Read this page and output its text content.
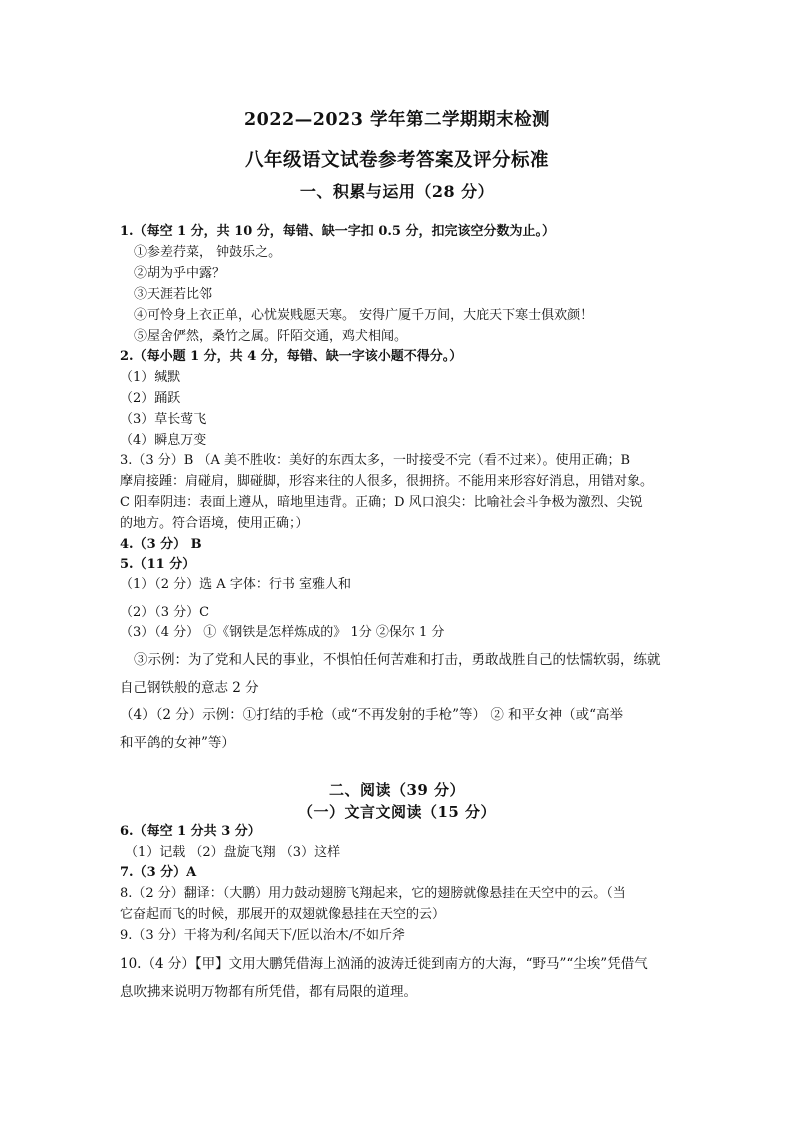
2022—2023 学年第二学期期末检测
八年级语文试卷参考答案及评分标准
一、积累与运用（28 分）
1.（每空 1 分，共 10 分，每错、缺一字扣 0.5 分，扣完该空分数为止。）
①参差荇菜， 钟鼓乐之。
②胡为乎中露？
③天涯若比邻
④可怜身上衣正单，心忧炭贱愿天寒。 安得广厦千万间，大庇天下寒士俱欢颜！
⑤屋舍俨然，桑竹之属。阡陌交通，鸡犬相闻。
2.（每小题 1 分，共 4 分，每错、缺一字该小题不得分。）
（1）缄默
（2）踊跃
（3）草长莺飞
（4）瞬息万变
3.（3 分）B （A 美不胜收：美好的东西太多，一时接受不完（看不过来）。使用正确；B
摩肩接踵：肩碰肩，脚碰脚，形容来往的人很多，很拥挤。不能用来形容好消息，用错对象。
C 阳奉阴违：表面上遵从，暗地里违背。正确；D 风口浪尖：比喻社会斗争极为激烈、尖锐
的地方。符合语境，使用正确；）
4.（3 分） B
5.（11 分）
（1）（2 分）选 A 字体：行书 室雅人和
（2）（3 分）C
（3）（4 分） ①《钢铁是怎样炼成的》 1分 ②保尔 1 分
③示例：为了党和人民的事业，不惧怕任何苦难和打击，勇敢战胜自己的怯懦软弱，练就
自己钢铁般的意志 2 分
（4）（2 分）示例：①打结的手枪（或“不再发射的手枪”等） ② 和平女神（或“高举
和平鸽的女神”等）
二、阅读（39 分）
（一）文言文阅读（15 分）
6.（每空 1 分共 3 分）
（1）记载 （2）盘旋飞翔 （3）这样
7.（3 分）A
8.（2 分）翻译：（大鹏）用力鼓动翅膀飞翔起来，它的翅膀就像悬挂在天空中的云。（当
它奋起而飞的时候，那展开的双翅就像悬挂在天空的云）
9.（3 分）干将为利/名闻天下/匠以治木/不如斤斧
10.（4 分）【甲】文用大鹏凭借海上汹涌的波涛迁徙到南方的大海，“野马”“尘埃”凭借气
息吹拂来说明万物都有所凭借，都有局限的道理。
